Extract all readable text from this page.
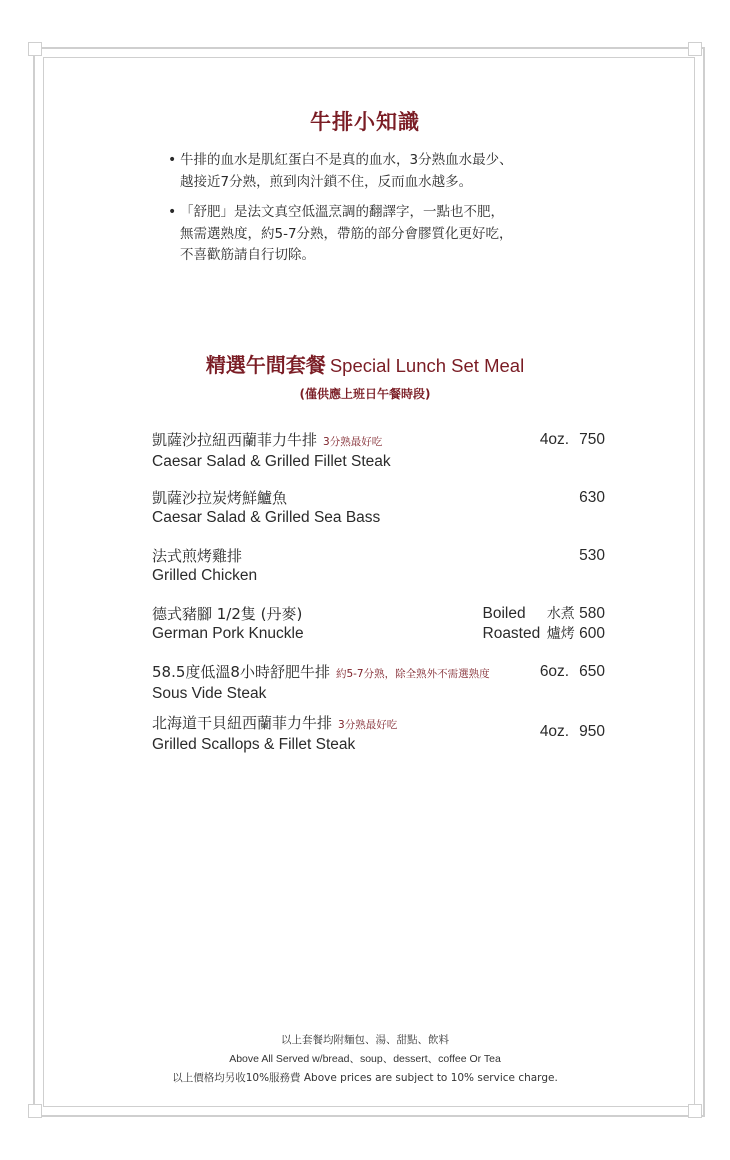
牛排小知識
• 牛排的血水是肌紅蛋白不是真的血水，3分熟血水最少、
越接近7分熟，煎到肉汁鎖不住，反而血水越多。
• 「舒肥」是法文真空低溫烹調的翻譯字，一點也不肥，
無需選熟度，約5-7分熟，帶筋的部分會膠質化更好吃，
不喜歡筋請自行切除。
精選午間套餐 Special Lunch Set Meal
(僅供應上班日午餐時段)
凱薩沙拉紐西蘭菲力牛排 3分熟最好吃
Caesar Salad & Grilled Fillet Steak
4oz. 750
凱薩沙拉炭烤鮮鱸魚
Caesar Salad & Grilled Sea Bass
630
法式煎烤雞排
Grilled Chicken
530
德式豬腳 1/2隻 (丹麥)
German Pork Knuckle
Boiled 水煮 580
Roasted 爐烤 600
58.5度低溫8小時舒肥牛排 約5-7分熟，除全熟外不需選熟度
Sous Vide Steak
6oz. 650
北海道干貝紐西蘭菲力牛排 3分熟最好吃
Grilled Scallops & Fillet Steak
4oz. 950
以上套餐均附麵包、湯、甜點、飲料
Above All Served w/bread、soup、dessert、coffee Or Tea
以上價格均另收10%服務費 Above prices are subject to 10% service charge.
